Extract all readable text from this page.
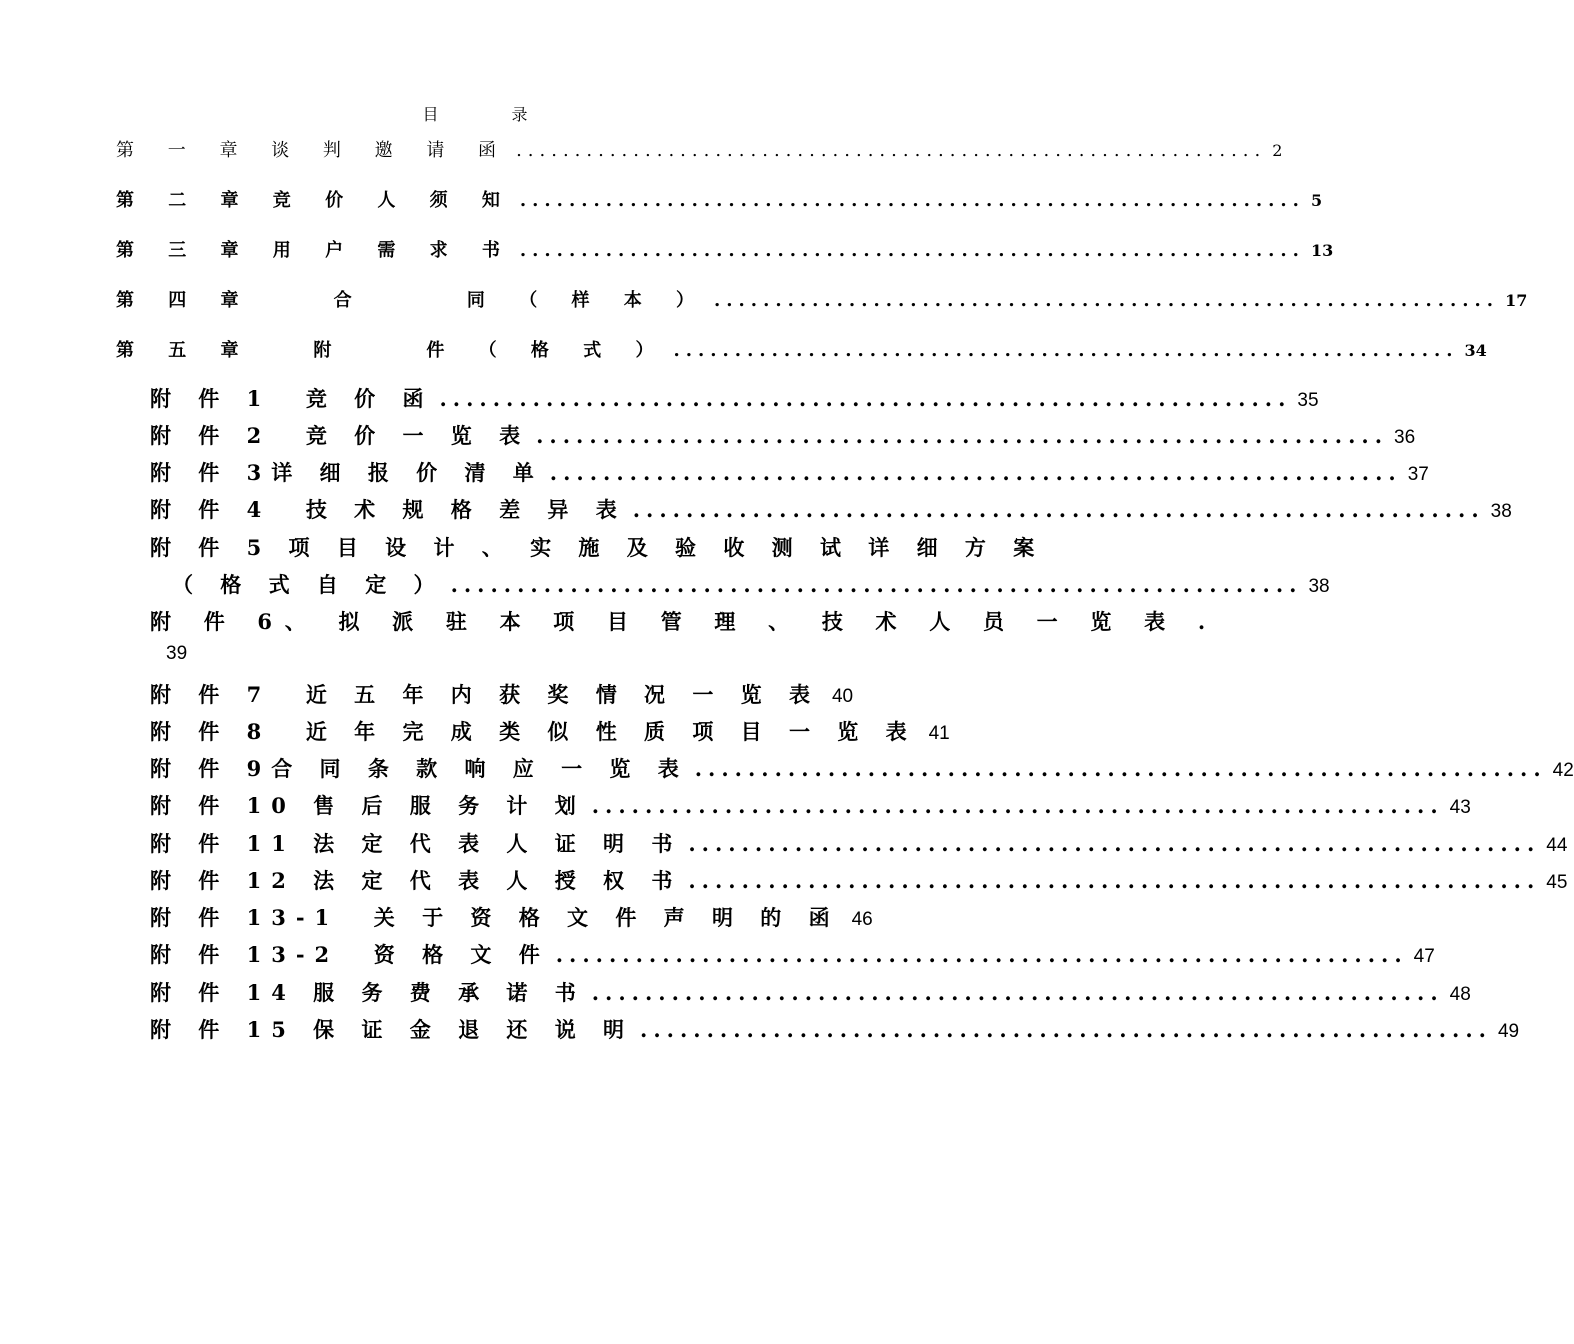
目 录
第 一 章 谈 判 邀 请 函 ................................................................ 2
第 二 章 竞 价 人 须 知 ................................................................ 5
第 三 章 用 户 需 求 书 ................................................................ 13
第 四 章    合     同 （ 样 本 ） ................................................................ 17
第 五 章   附    件 （ 格 式 ） ................................................................ 34
附 件 1  竞 价 函 ................................................................ 35
附 件 2  竞 价 一 览 表 ................................................................ 36
附 件 3详 细 报 价 清 单 ................................................................ 37
附 件 4  技 术 规 格 差 异 表 ................................................................ 38
附 件 5 项 目 设 计 、 实 施 及 验 收 测 试 详 细 方 案
（ 格 式 自 定 ） ................................................................ 38
附 件 6、 拟 派 驻 本 项 目 管 理 、 技 术 人 员 一 览 表 .
39
附 件 7  近 五 年 内 获 奖 情 况 一 览 表 40
附 件 8  近 年 完 成 类 似 性 质 项 目 一 览 表 41
附 件 9合 同 条 款 响 应 一 览 表 ................................................................ 42
附 件 10 售 后 服 务 计 划 ................................................................ 43
附 件 11 法 定 代 表 人 证 明 书 ................................................................ 44
附 件 12 法 定 代 表 人 授 权 书 ................................................................ 45
附 件 13-1  关 于 资 格 文 件 声 明 的 函 46
附 件 13-2  资 格 文 件 ................................................................ 47
附 件 14 服 务 费 承 诺 书 ................................................................ 48
附 件 15 保 证 金 退 还 说 明 ................................................................ 49
